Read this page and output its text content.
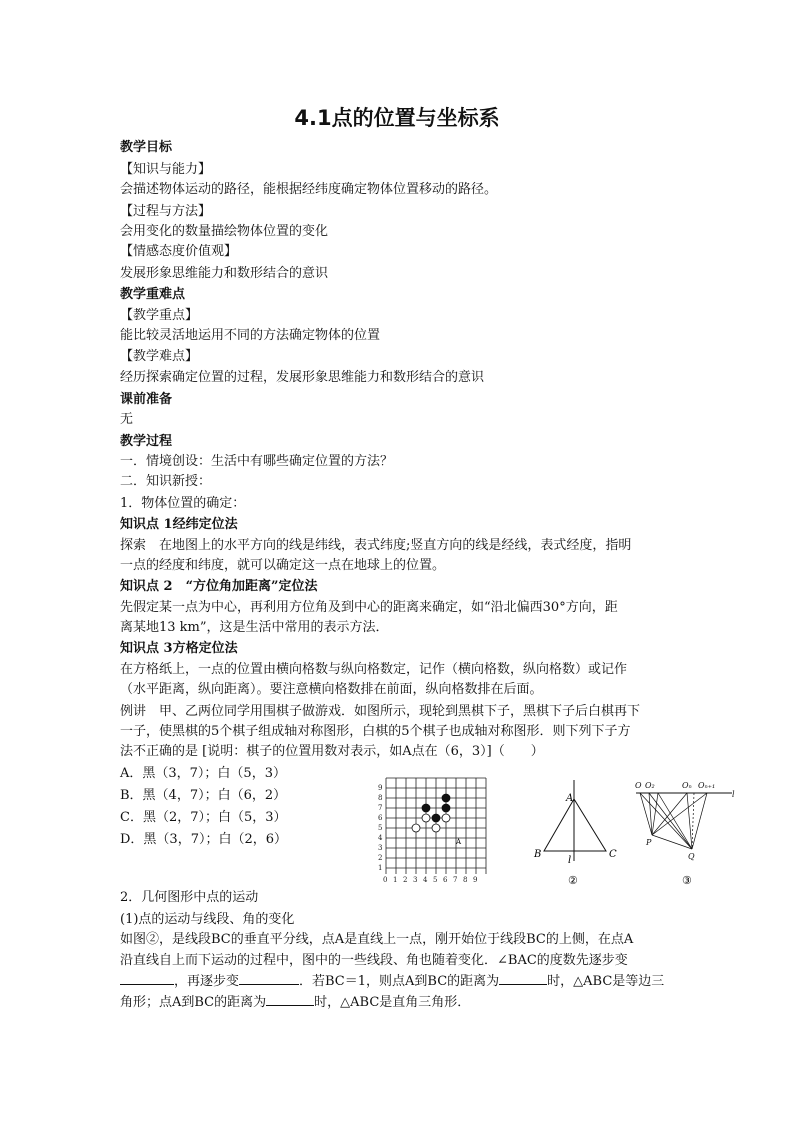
4.1点的位置与坐标系
教学目标
【知识与能力】
会描述物体运动的路径，能根据经纬度确定物体位置移动的路径。
【过程与方法】
会用变化的数量描绘物体位置的变化
【情感态度价值观】
发展形象思维能力和数形结合的意识
教学重难点
【教学重点】
能比较灵活地运用不同的方法确定物体的位置
【教学难点】
经历探索确定位置的过程，发展形象思维能力和数形结合的意识
课前准备
无
教学过程
一．情境创设：生活中有哪些确定位置的方法？
二．知识新授：
1．物体位置的确定：
知识点 1经纬定位法
探索　在地图上的水平方向的线是纬线，表式纬度;竖直方向的线是经线，表式经度，指明
一点的经度和纬度，就可以确定这一点在地球上的位置。
知识点 2　“方位角加距离”定位法
先假定某一点为中心，再利用方位角及到中心的距离来确定，如“沿北偏西30°方向，距
离某地13 km”，这是生活中常用的表示方法．
知识点 3方格定位法
在方格纸上，一点的位置由横向格数与纵向格数定，记作（横向格数，纵向格数）或记作
（水平距离，纵向距离）。要注意横向格数排在前面，纵向格数排在后面。
例讲　甲、乙两位同学用围棋子做游戏．如图所示，现轮到黑棋下子，黑棋下子后白棋再下
一子，使黑棋的5个棋子组成轴对称图形，白棋的5个棋子也成轴对称图形．则下列下子方
法不正确的是 [说明：棋子的位置用数对表示，如A点在（6，3）]（　　）
A．黑（3，7）；白（5，3）
B．黑（4，7）；白（6，2）
C．黑（2，7）；白（5，3）
D．黑（3，7）；白（2，6）
2．几何图形中点的运动
(1)点的运动与线段、角的变化
如图②，是线段BC的垂直平分线，点A是直线上一点，刚开始位于线段BC的上侧，在点A
沿直线自上而下运动的过程中，图中的一些线段、角也随着变化．∠BAC的度数先逐步变
，再逐步变	．若BC＝1，则点A到BC的距离为	时，△ABC是等边三
角形；点A到BC的距离为	时，△ABC是直角三角形．
0 1 2 3 4 5 6 7 8 9
1
2
3
4
5
6
7
8
9
A
A
B	C
l
②
O O₂	Oₙ Oₙ₊₁
l
P
Q
③
